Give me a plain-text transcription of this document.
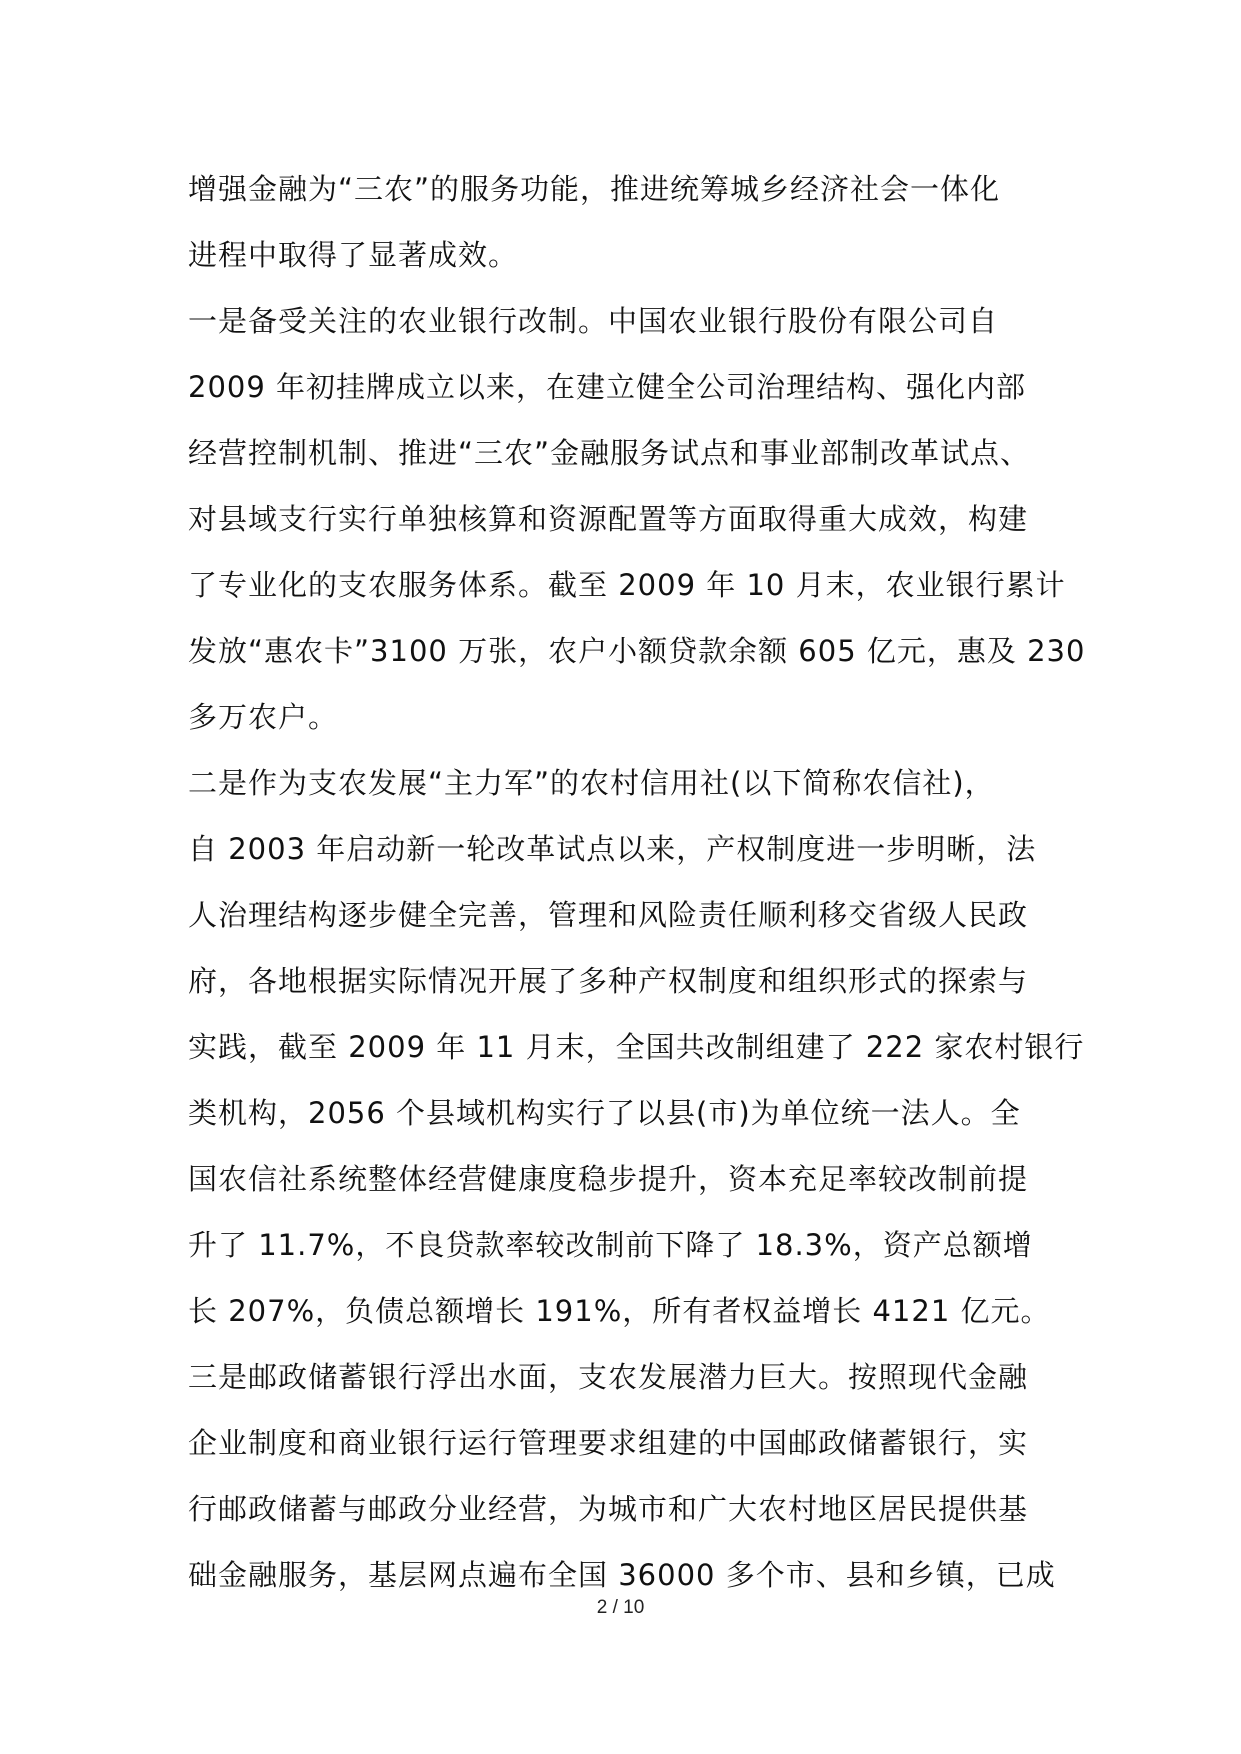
增强金融为“三农”的服务功能，推进统筹城乡经济社会一体化

进程中取得了显著成效。

一是备受关注的农业银行改制。中国农业银行股份有限公司自

2009 年初挂牌成立以来，在建立健全公司治理结构、强化内部

经营控制机制、推进“三农”金融服务试点和事业部制改革试点、

对县域支行实行单独核算和资源配置等方面取得重大成效，构建

了专业化的支农服务体系。截至 2009 年 10 月末，农业银行累计

发放“惠农卡”3100 万张，农户小额贷款余额 605 亿元，惠及 230

多万农户。

二是作为支农发展“主力军”的农村信用社(以下简称农信社)，

自 2003 年启动新一轮改革试点以来，产权制度进一步明晰，法

人治理结构逐步健全完善，管理和风险责任顺利移交省级人民政

府，各地根据实际情况开展了多种产权制度和组织形式的探索与

实践，截至 2009 年 11 月末，全国共改制组建了 222 家农村银行

类机构，2056 个县域机构实行了以县(市)为单位统一法人。全

国农信社系统整体经营健康度稳步提升，资本充足率较改制前提

升了 11.7%，不良贷款率较改制前下降了 18.3%，资产总额增

长 207%，负债总额增长 191%，所有者权益增长 4121 亿元。

三是邮政储蓄银行浮出水面，支农发展潜力巨大。按照现代金融

企业制度和商业银行运行管理要求组建的中国邮政储蓄银行，实

行邮政储蓄与邮政分业经营，为城市和广大农村地区居民提供基

础金融服务，基层网点遍布全国 36000 多个市、县和乡镇，已成

2 / 10
